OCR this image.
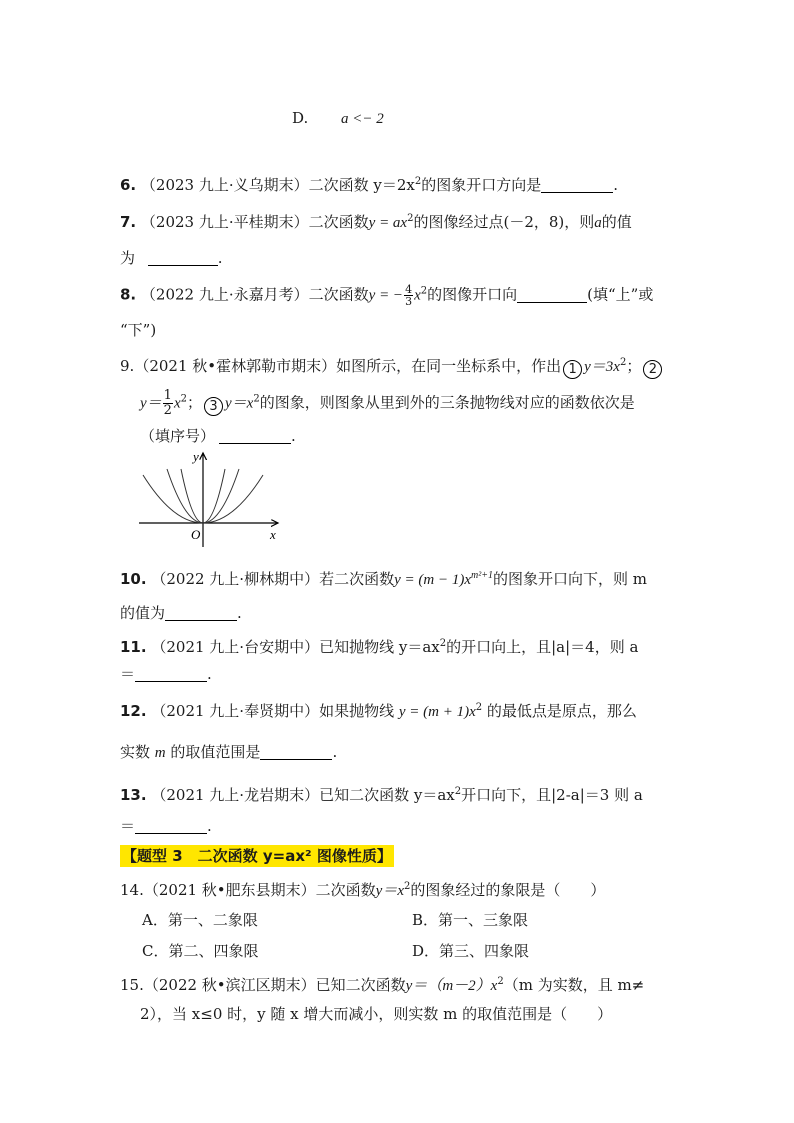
D. a <− 2
6. （2023 九上·义乌期末）二次函数 $y=2x^2$的图象开口方向是	.
7. （2023 九上·平桂期末）二次函数$y = ax^2$的图像经过点(－2，8)，则a的值
为	.
8. （2022 九上·永嘉月考）二次函数y = − $\frac{4}{3} x^2$的图像开口向	(填“上”或
“下”)
9.（2021 秋•霍林郭勒市期末）如图所示，在同一坐标系中，作出 1 $y=3x^2$； 2
$y= \frac{1}{2} x^2$； 3 $y=x^2$的图象，则图象从里到外的三条抛物线对应的函数依次是
（填序号）	.
y
x
O
10. （2022 九上·柳林期中）若二次函数$y = (m - 1)x^{m^2+1}$的图象开口向下，则 m
的值为	.
11. （2021 九上·台安期中）已知抛物线 $y=ax^2$的开口向上，且|a|＝4，则 a
＝	.
12. （2021 九上·奉贤期中）如果抛物线 $y = (m + 1)x^2$ 的最低点是原点，那么
实数 m 的取值范围是	.
13. （2021 九上·龙岩期末）已知二次函数 $y=ax^2$开口向下，且|2-a|＝3 则 a
＝	.
【题型 3　二次函数 y=ax² 图像性质】
14.（2021 秋•肥东县期末）二次函数$y=x^2$的图象经过的象限是（　　）
A．第一、二象限	B．第一、三象限
C．第二、四象限	D．第三、四象限
15.（2022 秋•滨江区期末）已知二次函数$y=(m-2)x^2(m$ 为实数，且 m≠
2），当 x≤0 时，y 随 x 增大而减小，则实数 m 的取值范围是（　　）
